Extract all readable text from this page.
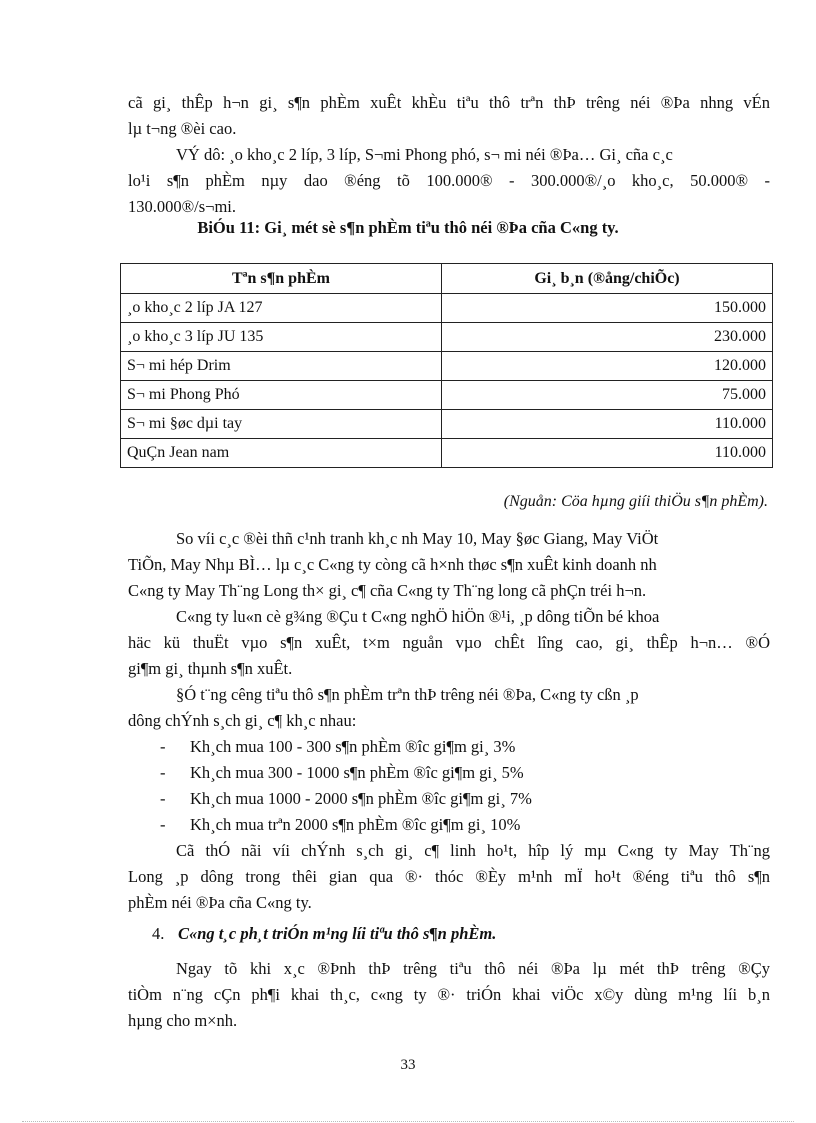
cã gi¸ thÊp h¬n gi¸ s¶n phÈm xuÊt khÈu tiªu thô trªn thÞ trêng néi ®Þa nhng vÉn
lµ t¬ng ®èi cao.
VÝ dô: ¸o kho¸c 2 líp, 3 líp, S¬mi Phong phó, s¬ mi néi ®Þa… Gi¸ cña c¸c
lo¹i s¶n phÈm nµy dao ®éng tõ 100.000® - 300.000®/¸o kho¸c, 50.000® -
130.000®/s¬mi.
BiÓu 11: Gi¸ mét sè s¶n phÈm tiªu thô néi ®Þa cña C«ng ty.
Tªn s¶n phÈm	Gi¸ b¸n (®ång/chiÕc)
¸o kho¸c 2 líp JA 127	150.000
¸o kho¸c 3 líp JU 135	230.000
S¬ mi hép Drim	120.000
S¬ mi Phong Phó	75.000
S¬ mi §øc dµi tay	110.000
QuÇn Jean nam	110.000
(Nguån: Cöa hµng giíi thiÖu s¶n phÈm).
So víi c¸c ®èi thñ c¹nh tranh kh¸c nh May 10, May §øc Giang, May ViÖt
TiÕn, May Nhµ BÌ… lµ c¸c C«ng ty còng cã h×nh thøc s¶n xuÊt kinh doanh nh
C«ng ty May Th¨ng Long th× gi¸ c¶ cña C«ng ty Th¨ng long cã phÇn tréi h¬n.
C«ng ty lu«n cè g¾ng ®Çu t C«ng nghÖ hiÖn ®¹i, ¸p dông tiÕn bé khoa
häc kü thuËt vµo s¶n xuÊt, t×m nguån vµo chÊt lîng cao, gi¸ thÊp h¬n… ®Ó
gi¶m gi¸ thµnh s¶n xuÊt.
§Ó t¨ng cêng tiªu thô s¶n phÈm trªn thÞ trêng néi ®Þa, C«ng ty cßn ¸p
dông chÝnh s¸ch gi¸ c¶ kh¸c nhau:
- Kh¸ch mua 100 - 300 s¶n phÈm ®îc gi¶m gi¸ 3%
- Kh¸ch mua 300 - 1000 s¶n phÈm ®îc gi¶m gi¸ 5%
- Kh¸ch mua 1000 - 2000 s¶n phÈm ®îc gi¶m gi¸ 7%
- Kh¸ch mua trªn 2000 s¶n phÈm ®îc gi¶m gi¸ 10%
Cã thÓ nãi víi chÝnh s¸ch gi¸ c¶ linh ho¹t, hîp lý mµ C«ng ty May Th¨ng
Long ¸p dông trong thêi gian qua ®· thóc ®Èy m¹nh mÏ ho¹t ®éng tiªu thô s¶n
phÈm néi ®Þa cña C«ng ty.
4. C«ng t¸c ph¸t triÓn m¹ng líi tiªu thô s¶n phÈm.
Ngay tõ khi x¸c ®Þnh thÞ trêng tiªu thô néi ®Þa lµ mét thÞ trêng ®Çy
tiÒm n¨ng cÇn ph¶i khai th¸c, c«ng ty ®· triÓn khai viÖc x©y dùng m¹ng líi b¸n
hµng cho m×nh.
33
